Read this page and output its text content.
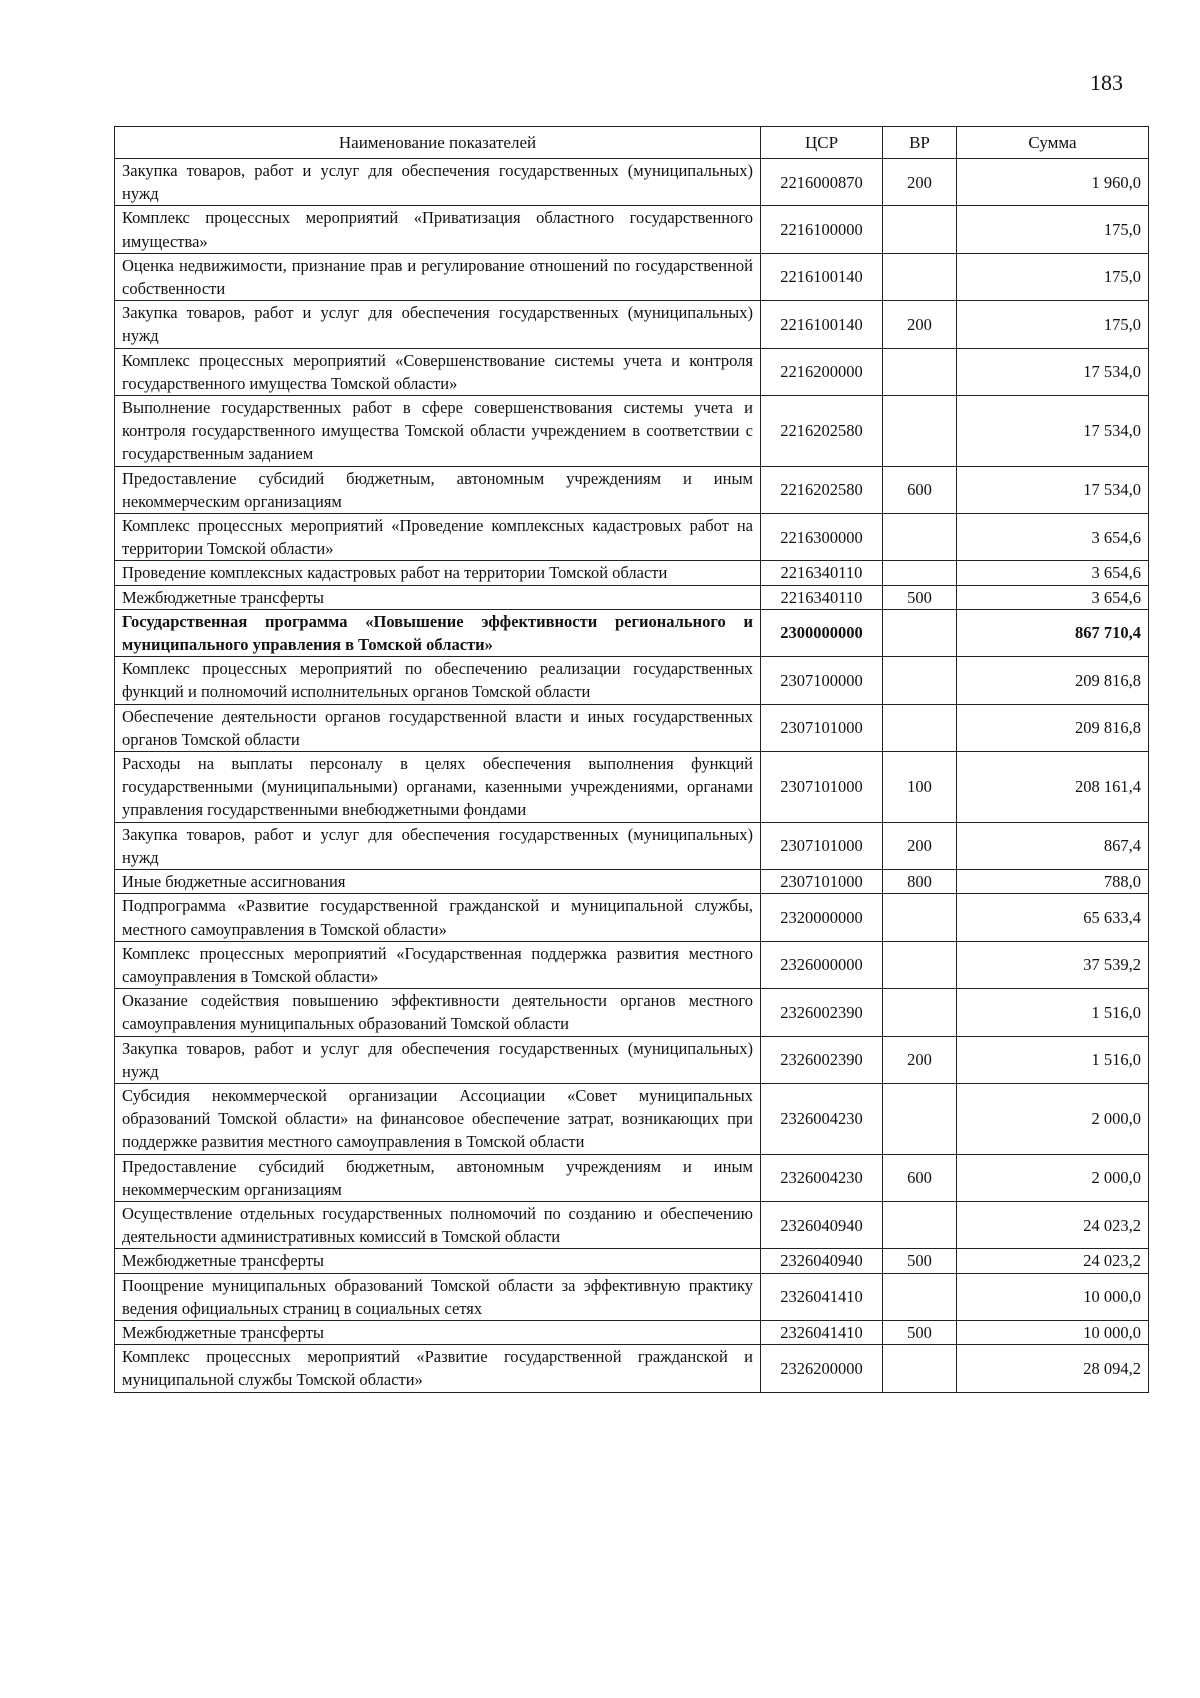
183
Наименование показателей	ЦСР	ВР	Сумма
Закупка товаров, работ и услуг для обеспечения государственных (муниципальных) нужд	2216000870	200	1 960,0
Комплекс процессных мероприятий «Приватизация областного государственного имущества»	2216100000		175,0
Оценка недвижимости, признание прав и регулирование отношений по государственной собственности	2216100140		175,0
Закупка товаров, работ и услуг для обеспечения государственных (муниципальных) нужд	2216100140	200	175,0
Комплекс процессных мероприятий «Совершенствование системы учета и контроля государственного имущества Томской области»	2216200000		17 534,0
Выполнение государственных работ в сфере совершенствования системы учета и контроля государственного имущества Томской области учреждением в соответствии с государственным заданием	2216202580		17 534,0
Предоставление субсидий бюджетным, автономным учреждениям и иным некоммерческим организациям	2216202580	600	17 534,0
Комплекс процессных мероприятий «Проведение комплексных кадастровых работ на территории Томской области»	2216300000		3 654,6
Проведение комплексных кадастровых работ на территории Томской области	2216340110		3 654,6
Межбюджетные трансферты	2216340110	500	3 654,6
Государственная программа «Повышение эффективности регионального и муниципального управления в Томской области»	2300000000		867 710,4
Комплекс процессных мероприятий по обеспечению реализации государственных функций и полномочий исполнительных органов Томской области	2307100000		209 816,8
Обеспечение деятельности органов государственной власти и иных государственных органов Томской области	2307101000		209 816,8
Расходы на выплаты персоналу в целях обеспечения выполнения функций государственными (муниципальными) органами, казенными учреждениями, органами управления государственными внебюджетными фондами	2307101000	100	208 161,4
Закупка товаров, работ и услуг для обеспечения государственных (муниципальных) нужд	2307101000	200	867,4
Иные бюджетные ассигнования	2307101000	800	788,0
Подпрограмма «Развитие государственной гражданской и муниципальной службы, местного самоуправления в Томской области»	2320000000		65 633,4
Комплекс процессных мероприятий «Государственная поддержка развития местного самоуправления в Томской области»	2326000000		37 539,2
Оказание содействия повышению эффективности деятельности органов местного самоуправления муниципальных образований Томской области	2326002390		1 516,0
Закупка товаров, работ и услуг для обеспечения государственных (муниципальных) нужд	2326002390	200	1 516,0
Субсидия некоммерческой организации Ассоциации «Совет муниципальных образований Томской области» на финансовое обеспечение затрат, возникающих при поддержке развития местного самоуправления в Томской области	2326004230		2 000,0
Предоставление субсидий бюджетным, автономным учреждениям и иным некоммерческим организациям	2326004230	600	2 000,0
Осуществление отдельных государственных полномочий по созданию и обеспечению деятельности административных комиссий в Томской области	2326040940		24 023,2
Межбюджетные трансферты	2326040940	500	24 023,2
Поощрение муниципальных образований Томской области за эффективную практику ведения официальных страниц в социальных сетях	2326041410		10 000,0
Межбюджетные трансферты	2326041410	500	10 000,0
Комплекс процессных мероприятий «Развитие государственной гражданской и муниципальной службы Томской области»	2326200000		28 094,2
